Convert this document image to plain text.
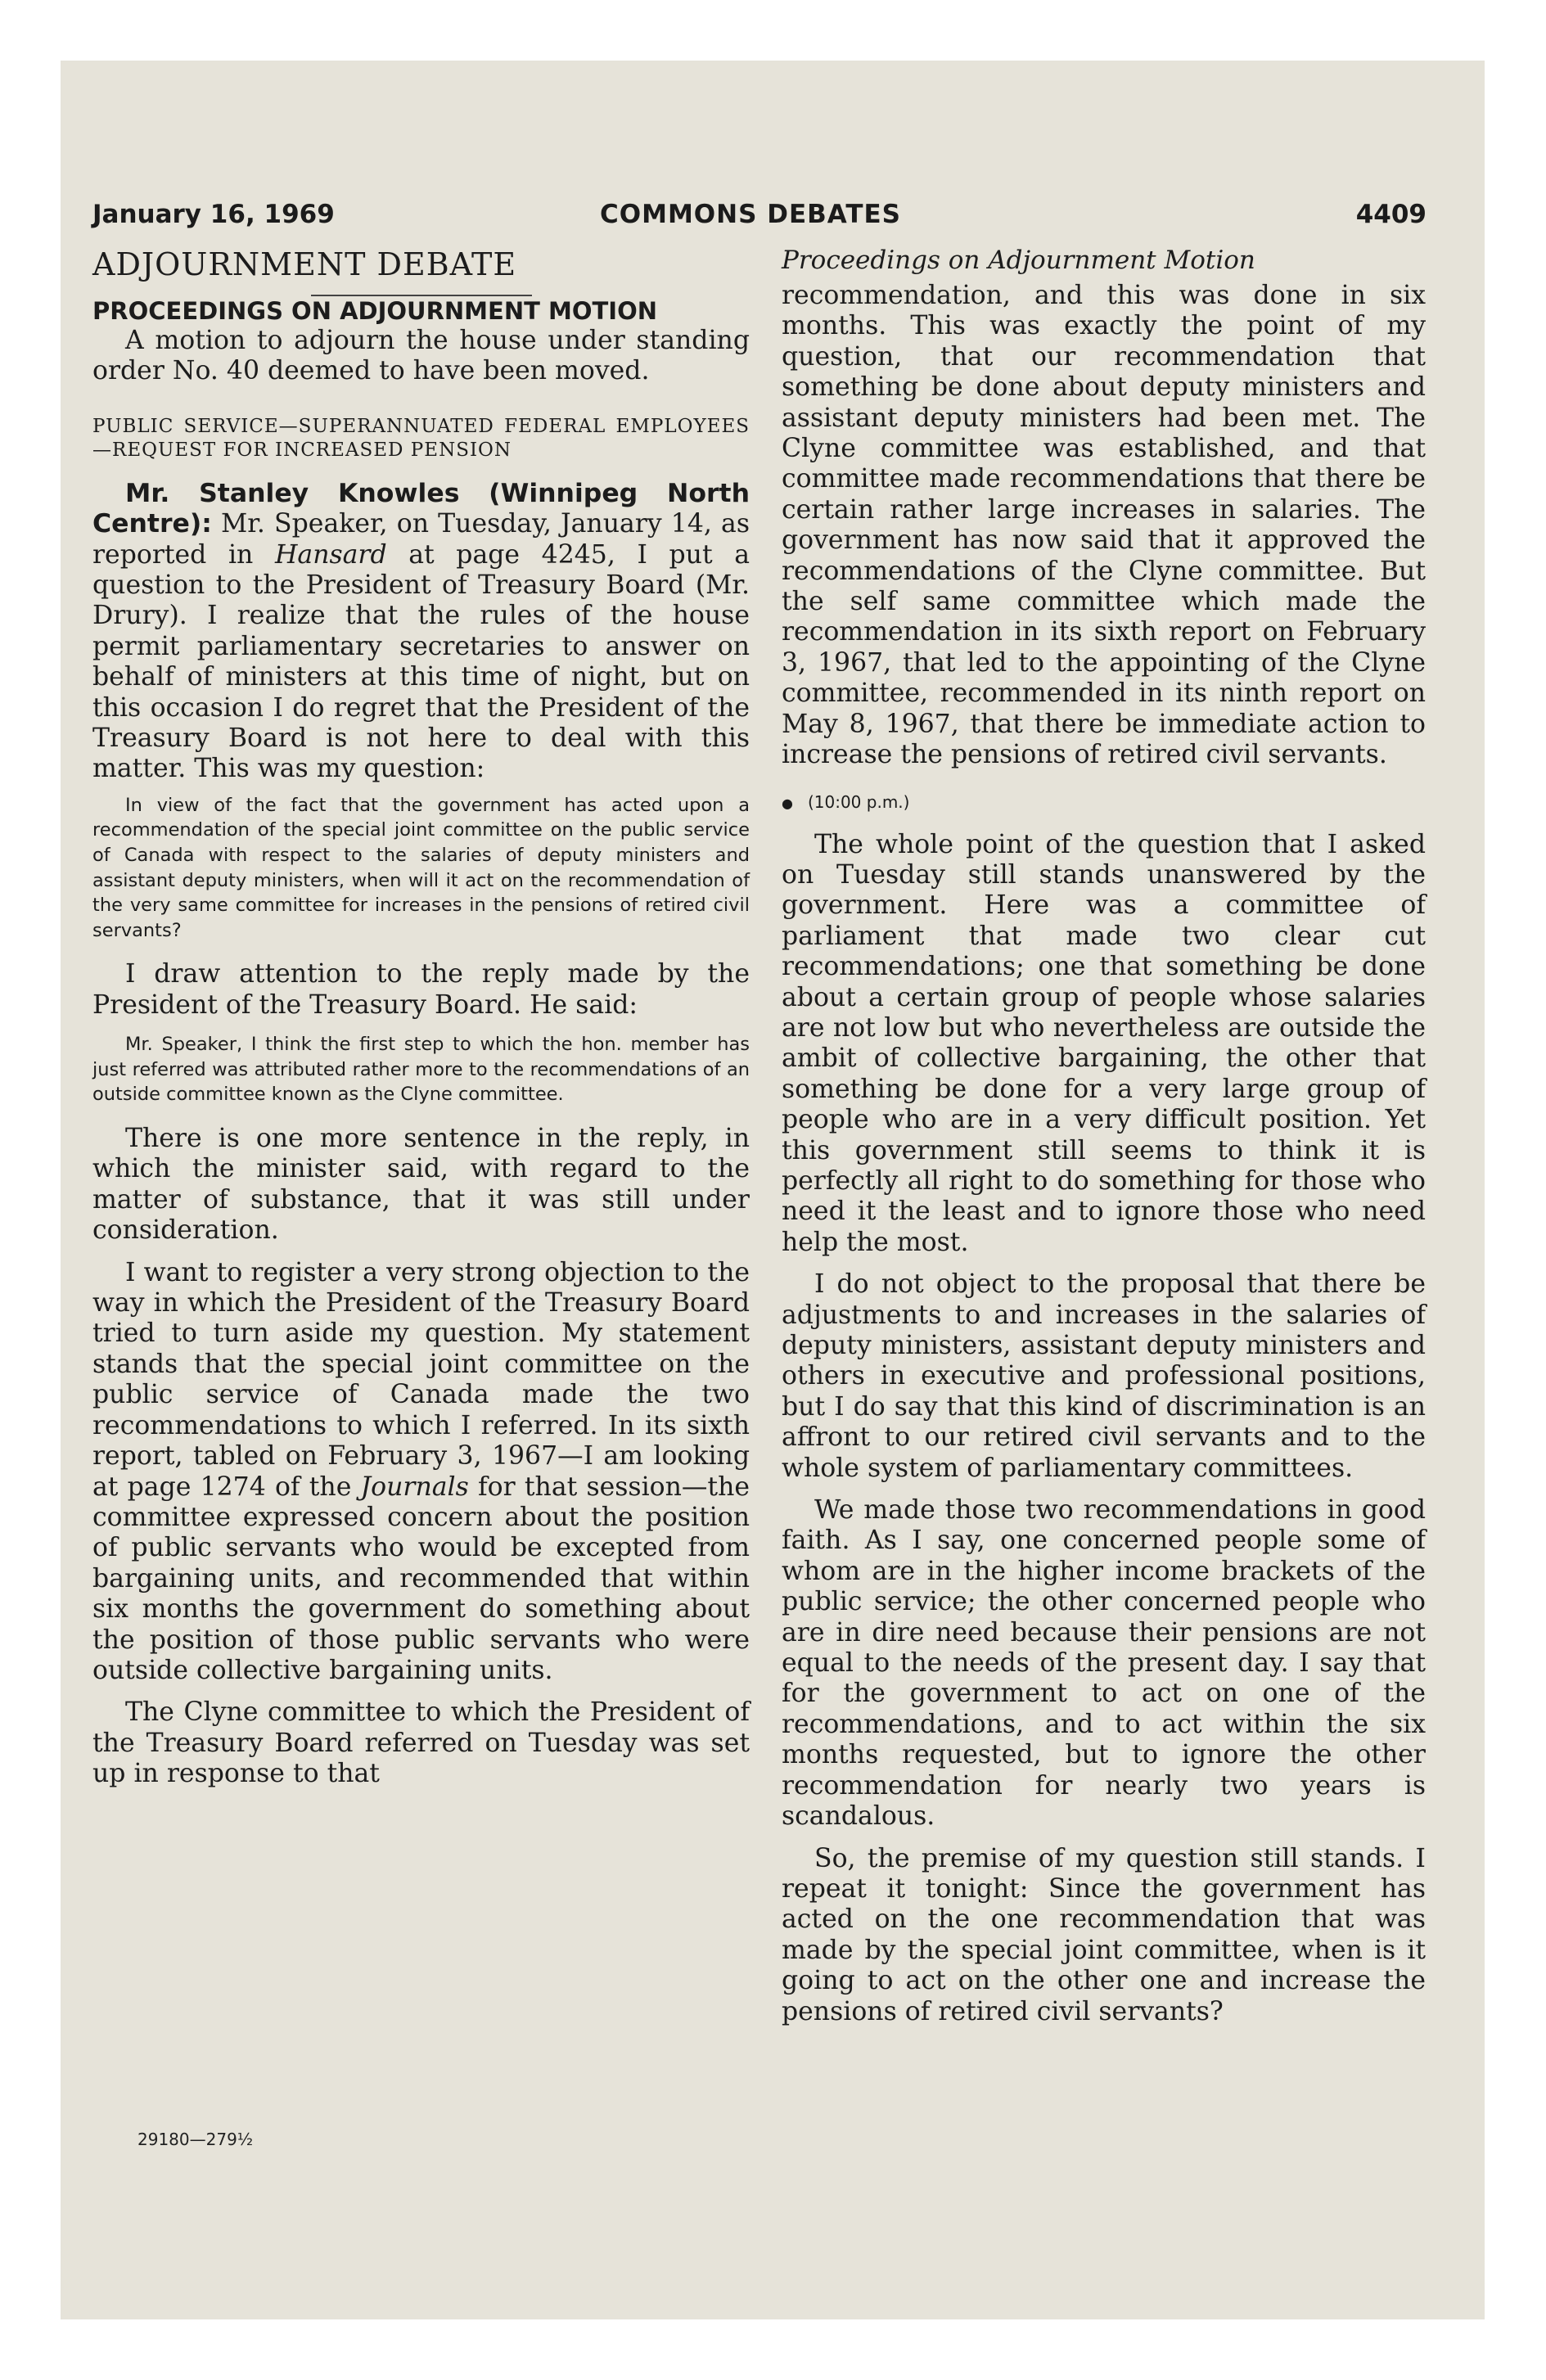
January 16, 1969	COMMONS DEBATES	4409

ADJOURNMENT DEBATE

PROCEEDINGS ON ADJOURNMENT MOTION

A motion to adjourn the house under standing order No. 40 deemed to have been moved.

PUBLIC SERVICE—SUPERANNUATED FEDERAL EMPLOYEES—REQUEST FOR INCREASED PENSION

Mr. Stanley Knowles (Winnipeg North Centre): Mr. Speaker, on Tuesday, January 14, as reported in Hansard at page 4245, I put a question to the President of Treasury Board (Mr. Drury). I realize that the rules of the house permit parliamentary secretaries to answer on behalf of ministers at this time of night, but on this occasion I do regret that the President of the Treasury Board is not here to deal with this matter. This was my question:

In view of the fact that the government has acted upon a recommendation of the special joint committee on the public service of Canada with respect to the salaries of deputy ministers and assistant deputy ministers, when will it act on the recommendation of the very same committee for increases in the pensions of retired civil servants?

I draw attention to the reply made by the President of the Treasury Board. He said:

Mr. Speaker, I think the first step to which the hon. member has just referred was attributed rather more to the recommendations of an outside committee known as the Clyne committee.

There is one more sentence in the reply, in which the minister said, with regard to the matter of substance, that it was still under consideration.

I want to register a very strong objection to the way in which the President of the Treasury Board tried to turn aside my question. My statement stands that the special joint committee on the public service of Canada made the two recommendations to which I referred. In its sixth report, tabled on February 3, 1967—I am looking at page 1274 of the Journals for that session—the committee expressed concern about the position of public servants who would be excepted from bargaining units, and recommended that within six months the government do something about the position of those public servants who were outside collective bargaining units.

The Clyne committee to which the President of the Treasury Board referred on Tuesday was set up in response to that

29180—279½

Proceedings on Adjournment Motion

recommendation, and this was done in six months. This was exactly the point of my question, that our recommendation that something be done about deputy ministers and assistant deputy ministers had been met. The Clyne committee was established, and that committee made recommendations that there be certain rather large increases in salaries. The government has now said that it approved the recommendations of the Clyne committee. But the self same committee which made the recommendation in its sixth report on February 3, 1967, that led to the appointing of the Clyne committee, recommended in its ninth report on May 8, 1967, that there be immediate action to increase the pensions of retired civil servants.

● (10:00 p.m.)

The whole point of the question that I asked on Tuesday still stands unanswered by the government. Here was a committee of parliament that made two clear cut recommendations; one that something be done about a certain group of people whose salaries are not low but who nevertheless are outside the ambit of collective bargaining, the other that something be done for a very large group of people who are in a very difficult position. Yet this government still seems to think it is perfectly all right to do something for those who need it the least and to ignore those who need help the most.

I do not object to the proposal that there be adjustments to and increases in the salaries of deputy ministers, assistant deputy ministers and others in executive and professional positions, but I do say that this kind of discrimination is an affront to our retired civil servants and to the whole system of parliamentary committees.

We made those two recommendations in good faith. As I say, one concerned people some of whom are in the higher income brackets of the public service; the other concerned people who are in dire need because their pensions are not equal to the needs of the present day. I say that for the government to act on one of the recommendations, and to act within the six months requested, but to ignore the other recommendation for nearly two years is scandalous.

So, the premise of my question still stands. I repeat it tonight: Since the government has acted on the one recommendation that was made by the special joint committee, when is it going to act on the other one and increase the pensions of retired civil servants?
